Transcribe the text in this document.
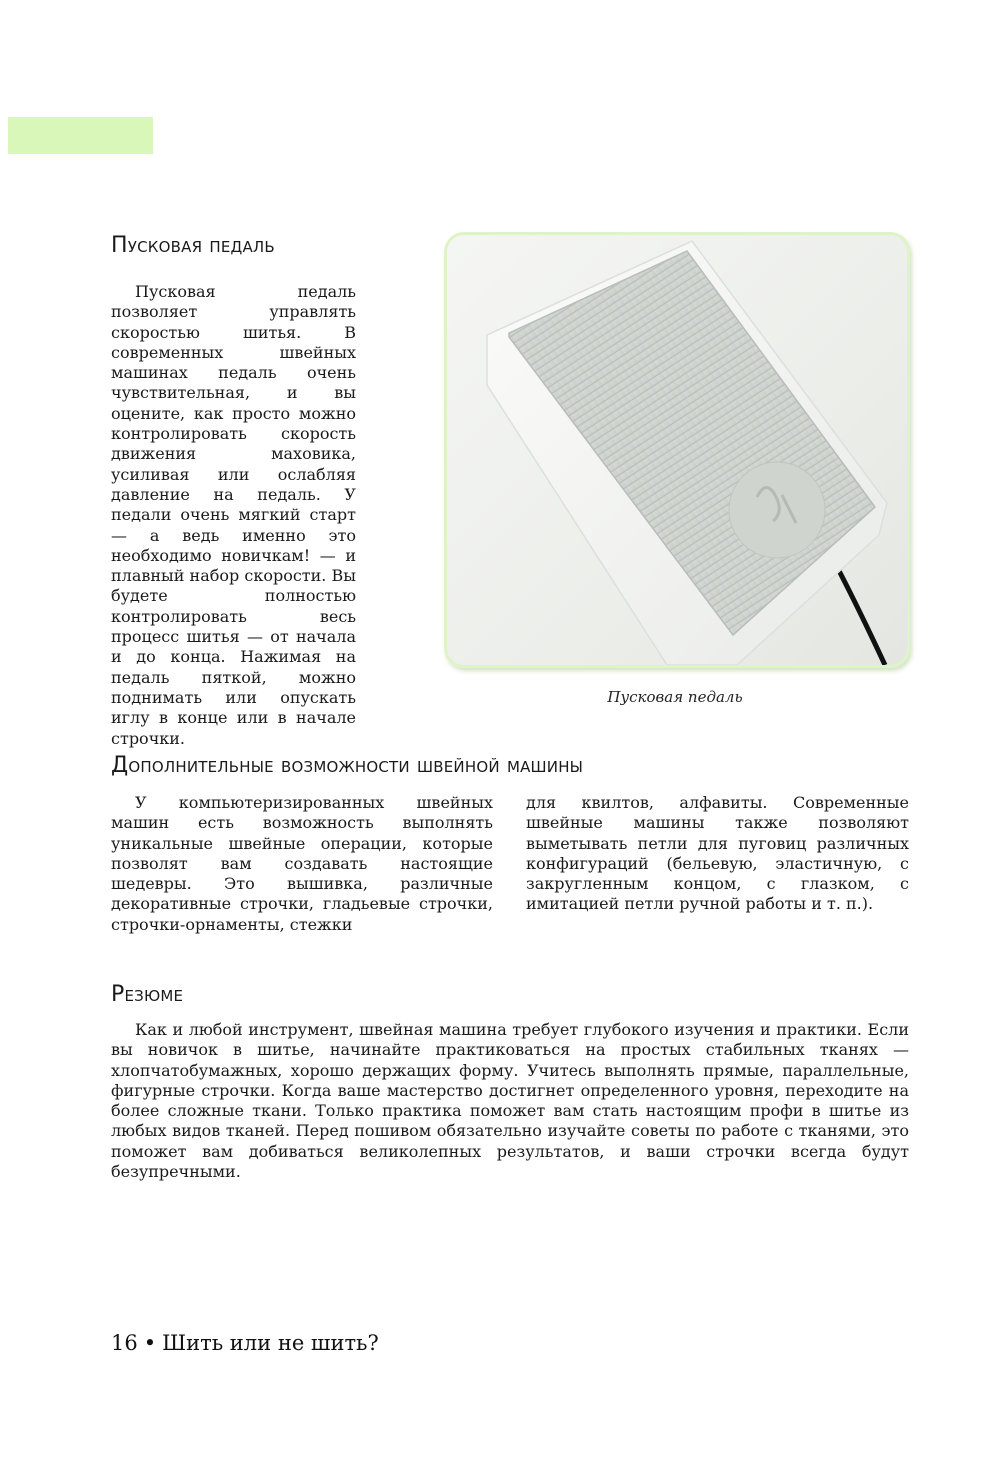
Пусковая педаль

Пусковая педаль позволяет управлять скоростью шитья. В современных швейных машинах педаль очень чувствительная, и вы оцените, как просто можно контролировать скорость движения маховика, усиливая или ослабляя давление на педаль. У педали очень мягкий старт — а ведь именно это необходимо новичкам! — и плавный набор скорости. Вы будете полностью контролировать весь процесс шитья — от начала и до конца. Нажимая на педаль пяткой, можно поднимать или опускать иглу в конце или в начале строчки.

Пусковая педаль
Дополнительные возможности швейной машины

У компьютеризированных швейных машин есть возможность выполнять уникальные швейные операции, которые позволят вам создавать настоящие шедевры. Это вышивка, различные декоративные строчки, гладьевые строчки, строчки-орнаменты, стежки

для квилтов, алфавиты. Современные швейные машины также позволяют выметывать петли для пуговиц различных конфигураций (бельевую, эластичную, с закругленным концом, с глазком, с имитацией петли ручной работы и т. п.).

Резюме

Как и любой инструмент, швейная машина требует глубокого изучения и практики. Если вы новичок в шитье, начинайте практиковаться на простых стабильных тканях — хлопчатобумажных, хорошо держащих форму. Учитесь выполнять прямые, параллельные, фигурные строчки. Когда ваше мастерство достигнет определенного уровня, переходите на более сложные ткани. Только практика поможет вам стать настоящим профи в шитье из любых видов тканей. Перед пошивом обязательно изучайте советы по работе с тканями, это поможет вам добиваться великолепных результатов, и ваши строчки всегда будут безупречными.

16 • Шить или не шить?
